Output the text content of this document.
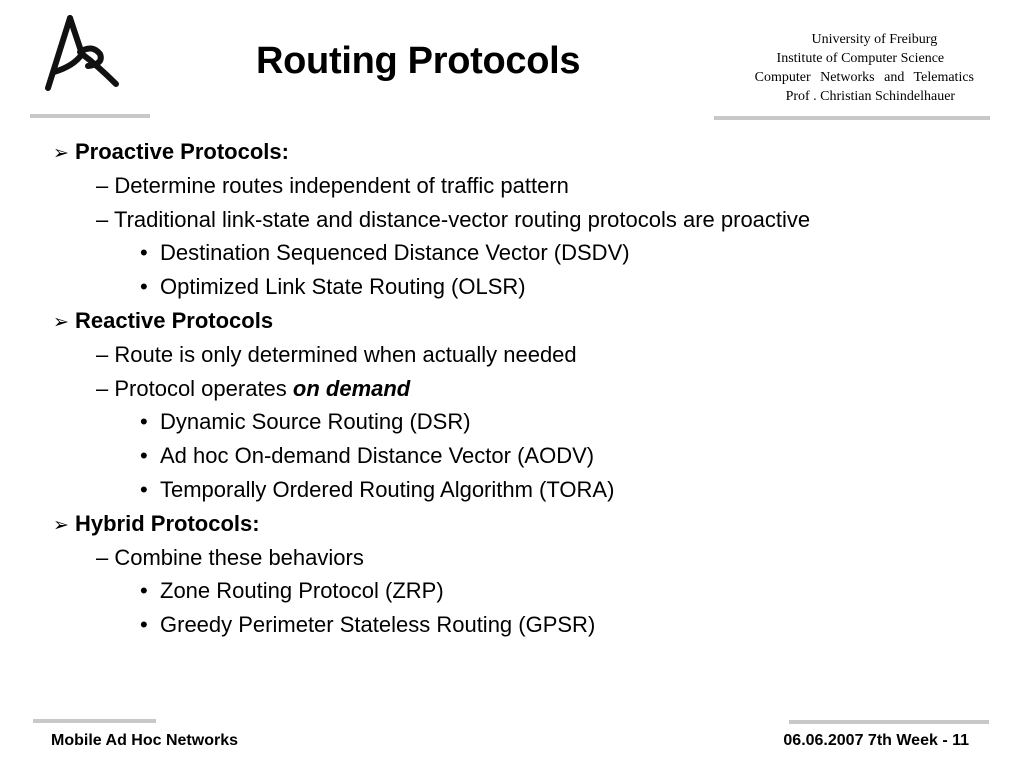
Routing Protocols
University of Freiburg
Institute of Computer Science
Computer Networks and Telematics
Prof . Christian Schindelhauer
➢ Proactive Protocols:
– Determine routes independent of traffic pattern
– Traditional link-state and distance-vector routing protocols are proactive
• Destination Sequenced Distance Vector (DSDV)
• Optimized Link State Routing (OLSR)
➢ Reactive Protocols
– Route is only determined when actually needed
– Protocol operates on demand
• Dynamic Source Routing (DSR)
• Ad hoc On-demand Distance Vector (AODV)
• Temporally Ordered Routing Algorithm (TORA)
➢ Hybrid Protocols:
– Combine these behaviors
• Zone Routing Protocol (ZRP)
• Greedy Perimeter Stateless Routing (GPSR)
Mobile Ad Hoc Networks	06.06.2007 7th Week - 11
